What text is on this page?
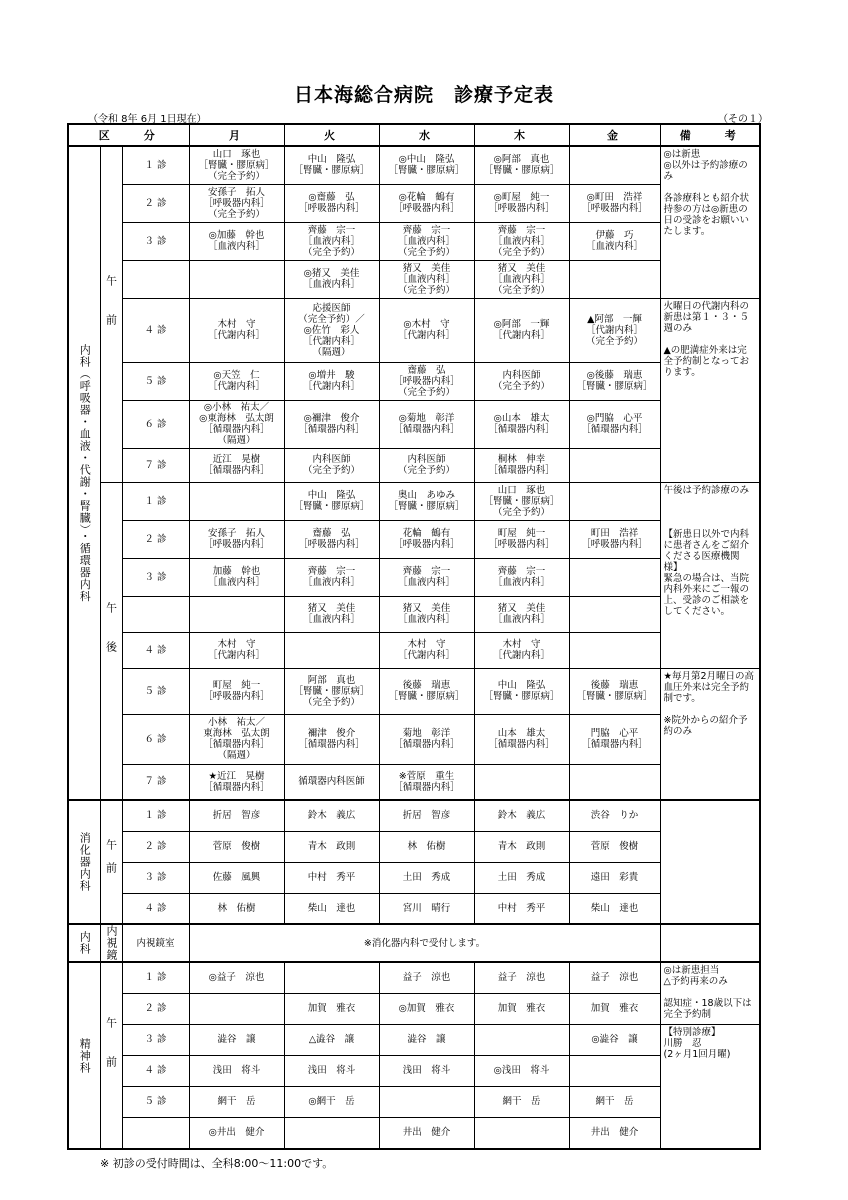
日本海総合病院　診療予定表
（令和 8年 6月 1日現在）	（その１）
区　　分			月	火	水	木	金	備　　考

内科（呼吸器・血液・代謝・腎臓）・循環器内科	午前	１ 診	山口　琢也
［腎臓・膠原病］
（完全予約）	中山　隆弘
［腎臓・膠原病］	◎中山　隆弘
［腎臓・膠原病］	◎阿部　真也
［腎臓・膠原病］		◎は新患
◎以外は予約診療のみ

各診療科とも紹介状持参の方は◎新患の日の受診をお願いいたします。
		２ 診	安孫子　拓人
［呼吸器内科］
（完全予約）	◎齋藤　弘
［呼吸器内科］	◎花輪　鶴有
［呼吸器内科］	◎町屋　純一
［呼吸器内科］	◎町田　浩祥
［呼吸器内科］	
		３ 診	◎加藤　幹也
［血液内科］	齊藤　宗一
［血液内科］
（完全予約）	齊藤　宗一
［血液内科］
（完全予約）	齊藤　宗一
［血液内科］
（完全予約）	伊藤　巧
［血液内科］	
				◎猪又　美佳
［血液内科］	猪又　美佳
［血液内科］
（完全予約）	猪又　美佳
［血液内科］
（完全予約）		
		４ 診	木村　守
［代謝内科］	応援医師
（完全予約）／
◎佐竹　彩人
［代謝内科］
（隔週）	◎木村　守
［代謝内科］	◎阿部　一輝
［代謝内科］	▲阿部　一輝
［代謝内科］
（完全予約）	火曜日の代謝内科の新患は第１・３・５週のみ

▲の肥満症外来は完全予約制となっております。
		５ 診	◎天笠　仁
［代謝内科］	◎増井　駿
［代謝内科］	齋藤　弘
［呼吸器内科］
（完全予約）	内科医師
（完全予約）	◎後藤　瑞恵
［腎臓・膠原病］	
		６ 診	◎小林　祐太／
◎東海林　弘太朗
［循環器内科］
（隔週）	◎禰津　俊介
［循環器内科］	◎菊地　彰洋
［循環器内科］	◎山本　雄太
［循環器内科］	◎門脇　心平
［循環器内科］	
		７ 診	近江　晃樹
［循環器内科］	内科医師
（完全予約）	内科医師
（完全予約）	桐林　伸幸
［循環器内科］		

	午後	１ 診		中山　隆弘
［腎臓・膠原病］	奥山　あゆみ
［腎臓・膠原病］	山口　琢也
［腎臓・膠原病］
（完全予約）		午後は予約診療のみ

【新患日以外で内科に患者さんをご紹介くださる医療機関様】
緊急の場合は、当院内科外来にご一報の上、受診のご相談をしてください。
		２ 診	安孫子　拓人
［呼吸器内科］	齋藤　弘
［呼吸器内科］	花輪　鶴有
［呼吸器内科］	町屋　純一
［呼吸器内科］	町田　浩祥
［呼吸器内科］	
		３ 診	加藤　幹也
［血液内科］	齊藤　宗一
［血液内科］	齊藤　宗一
［血液内科］	齊藤　宗一
［血液内科］		
				猪又　美佳
［血液内科］	猪又　美佳
［血液内科］	猪又　美佳
［血液内科］		
		４ 診	木村　守
［代謝内科］		木村　守
［代謝内科］	木村　守
［代謝内科］		
		５ 診	町屋　純一
［呼吸器内科］	阿部　真也
［腎臓・膠原病］
（完全予約）	後藤　瑞恵
［腎臓・膠原病］	中山　隆弘
［腎臓・膠原病］	後藤　瑞恵
［腎臓・膠原病］	★毎月第2月曜日の高血圧外来は完全予約制です。

※院外からの紹介予約のみ
		６ 診	小林　祐太／
東海林　弘太朗
［循環器内科］
（隔週）	禰津　俊介
［循環器内科］	菊地　彰洋
［循環器内科］	山本　雄太
［循環器内科］	門脇　心平
［循環器内科］	
		７ 診	★近江　晃樹
［循環器内科］	循環器内科医師	※菅原　重生
［循環器内科］			

消化器内科	午前	１ 診	折居　智彦	鈴木　義広	折居　智彦	鈴木　義広	渋谷　りか	
		２ 診	菅原　俊樹	青木　政則	林　佑樹	青木　政則	菅原　俊樹	
		３ 診	佐藤　風興	中村　秀平	土田　秀成	土田　秀成	遠田　彩貴	
		４ 診	林　佑樹	柴山　達也	宮川　晴行	中村　秀平	柴山　達也	

内科	内視鏡	内視鏡室	※消化器内科で受付します。					

精神科	午前	１ 診	◎益子　涼也		益子　涼也	益子　涼也	益子　涼也	◎は新患担当
△予約再来のみ

認知症・18歳以下は完全予約制
		２ 診		加賀　雅衣	◎加賀　雅衣	加賀　雅衣	加賀　雅衣	
		３ 診	澁谷　譲	△澁谷　譲	澁谷　譲		◎澁谷　譲	【特別診療】
川勝　忍
(2ヶ月1回月曜)
		４ 診	浅田　将斗	浅田　将斗	浅田　将斗	◎浅田　将斗		
		５ 診	網干　岳	◎網干　岳		網干　岳	網干　岳	
			◎井出　健介		井出　健介		井出　健介	
※ 初診の受付時間は、全科8:00～11:00です。
